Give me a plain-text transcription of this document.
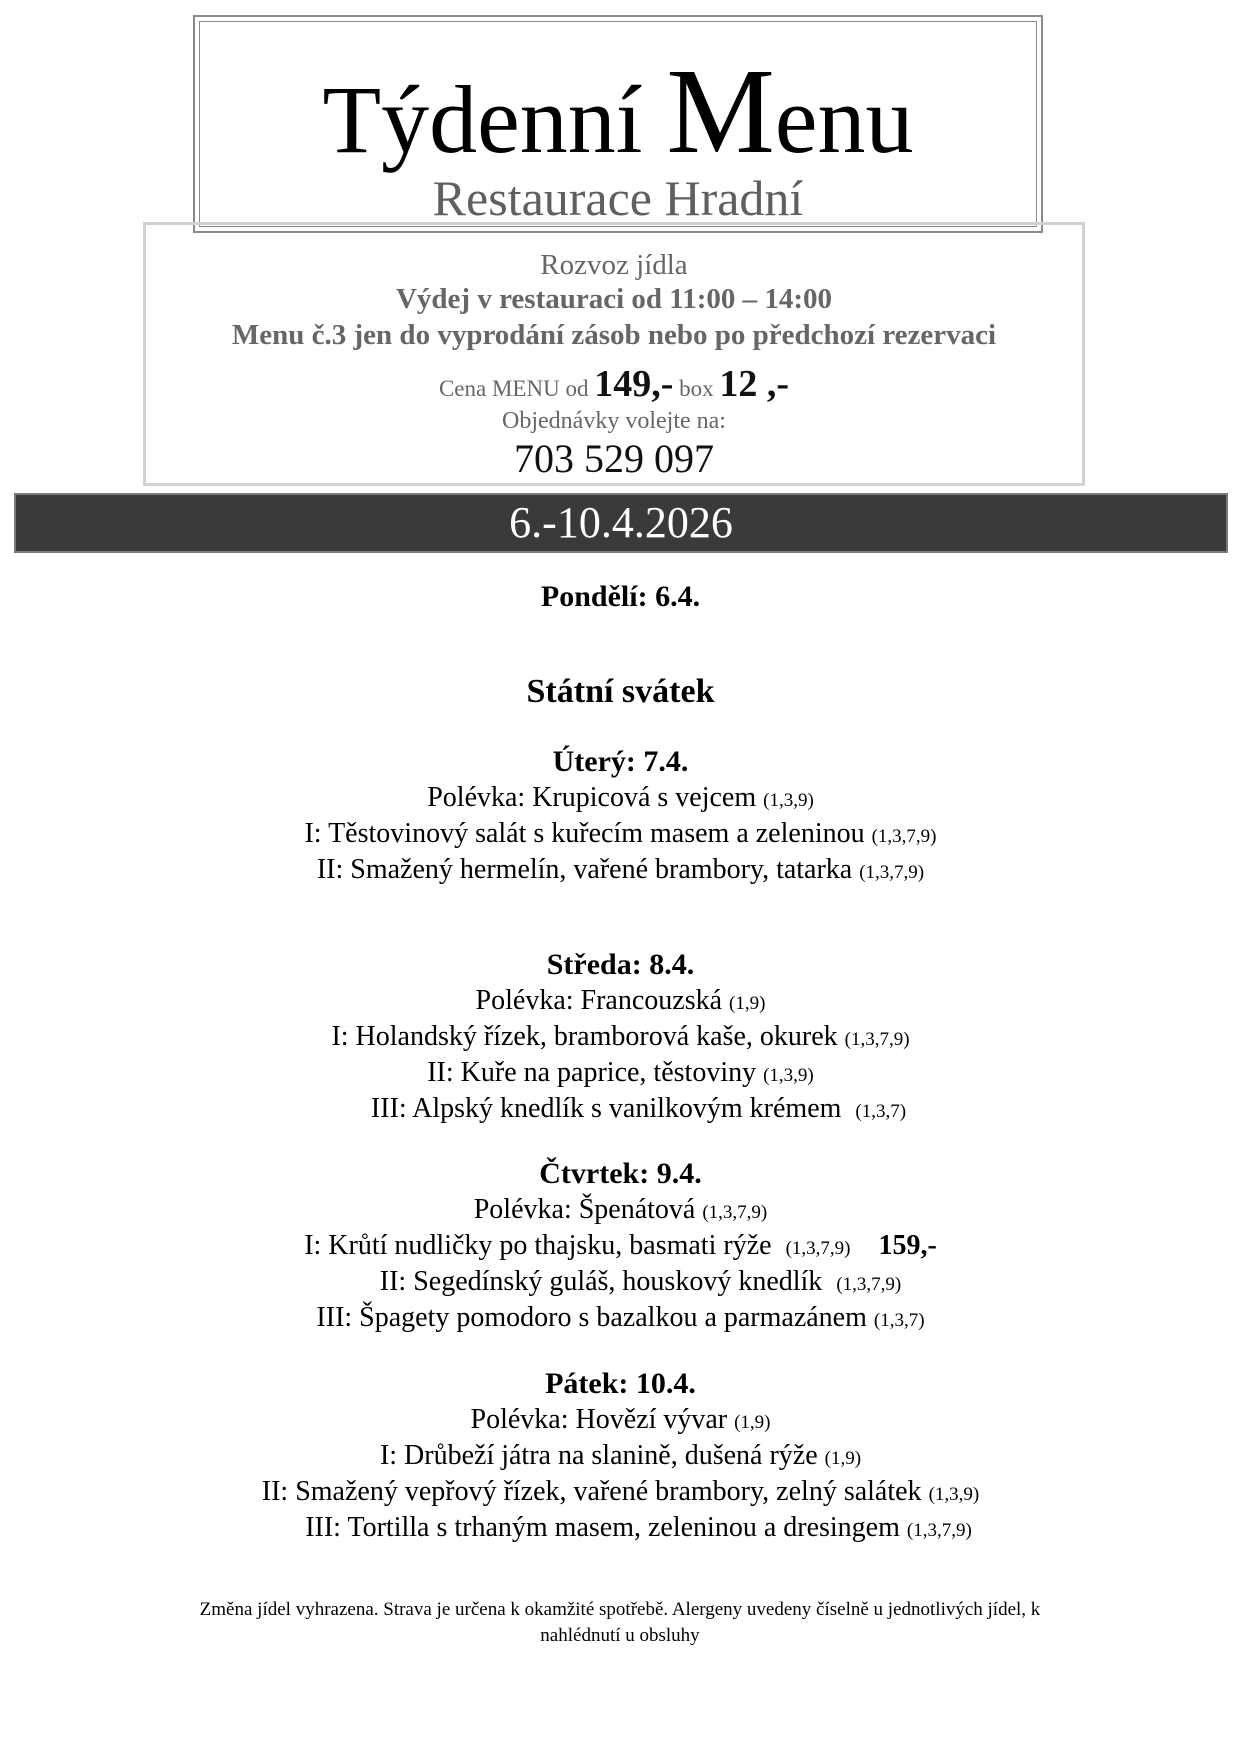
Týdenní Menu
Restaurace Hradní
Rozvoz jídla
Výdej v restauraci od 11:00 – 14:00
Menu č.3 jen do vyprodání zásob nebo po předchozí rezervaci
Cena MENU od 149,- box 12 ,-
Objednávky volejte na:
703 529 097
6.-10.4.2026
Pondělí: 6.4.
Státní svátek
Úterý: 7.4.
Polévka: Krupicová s vejcem (1,3,9)
I: Těstovinový salát s kuřecím masem a zeleninou (1,3,7,9)
II: Smažený hermelín, vařené brambory, tatarka (1,3,7,9)
Středa: 8.4.
Polévka: Francouzská (1,9)
I: Holandský řízek, bramborová kaše, okurek (1,3,7,9)
II: Kuře na paprice, těstoviny (1,3,9)
III: Alpský knedlík s vanilkovým krémem (1,3,7)
Čtvrtek: 9.4.
Polévka: Špenátová (1,3,7,9)
I: Krůtí nudličky po thajsku, basmati rýže (1,3,7,9) 159,-
II: Segedínský guláš, houskový knedlík (1,3,7,9)
III: Špagety pomodoro s bazalkou a parmazánem (1,3,7)
Pátek: 10.4.
Polévka: Hovězí vývar (1,9)
I: Drůbeží játra na slanině, dušená rýže (1,9)
II: Smažený vepřový řízek, vařené brambory, zelný salátek (1,3,9)
III: Tortilla s trhaným masem, zeleninou a dresingem (1,3,7,9)
Změna jídel vyhrazena. Strava je určena k okamžité spotřebě. Alergeny uvedeny číselně u jednotlivých jídel, k
nahlédnutí u obsluhy
